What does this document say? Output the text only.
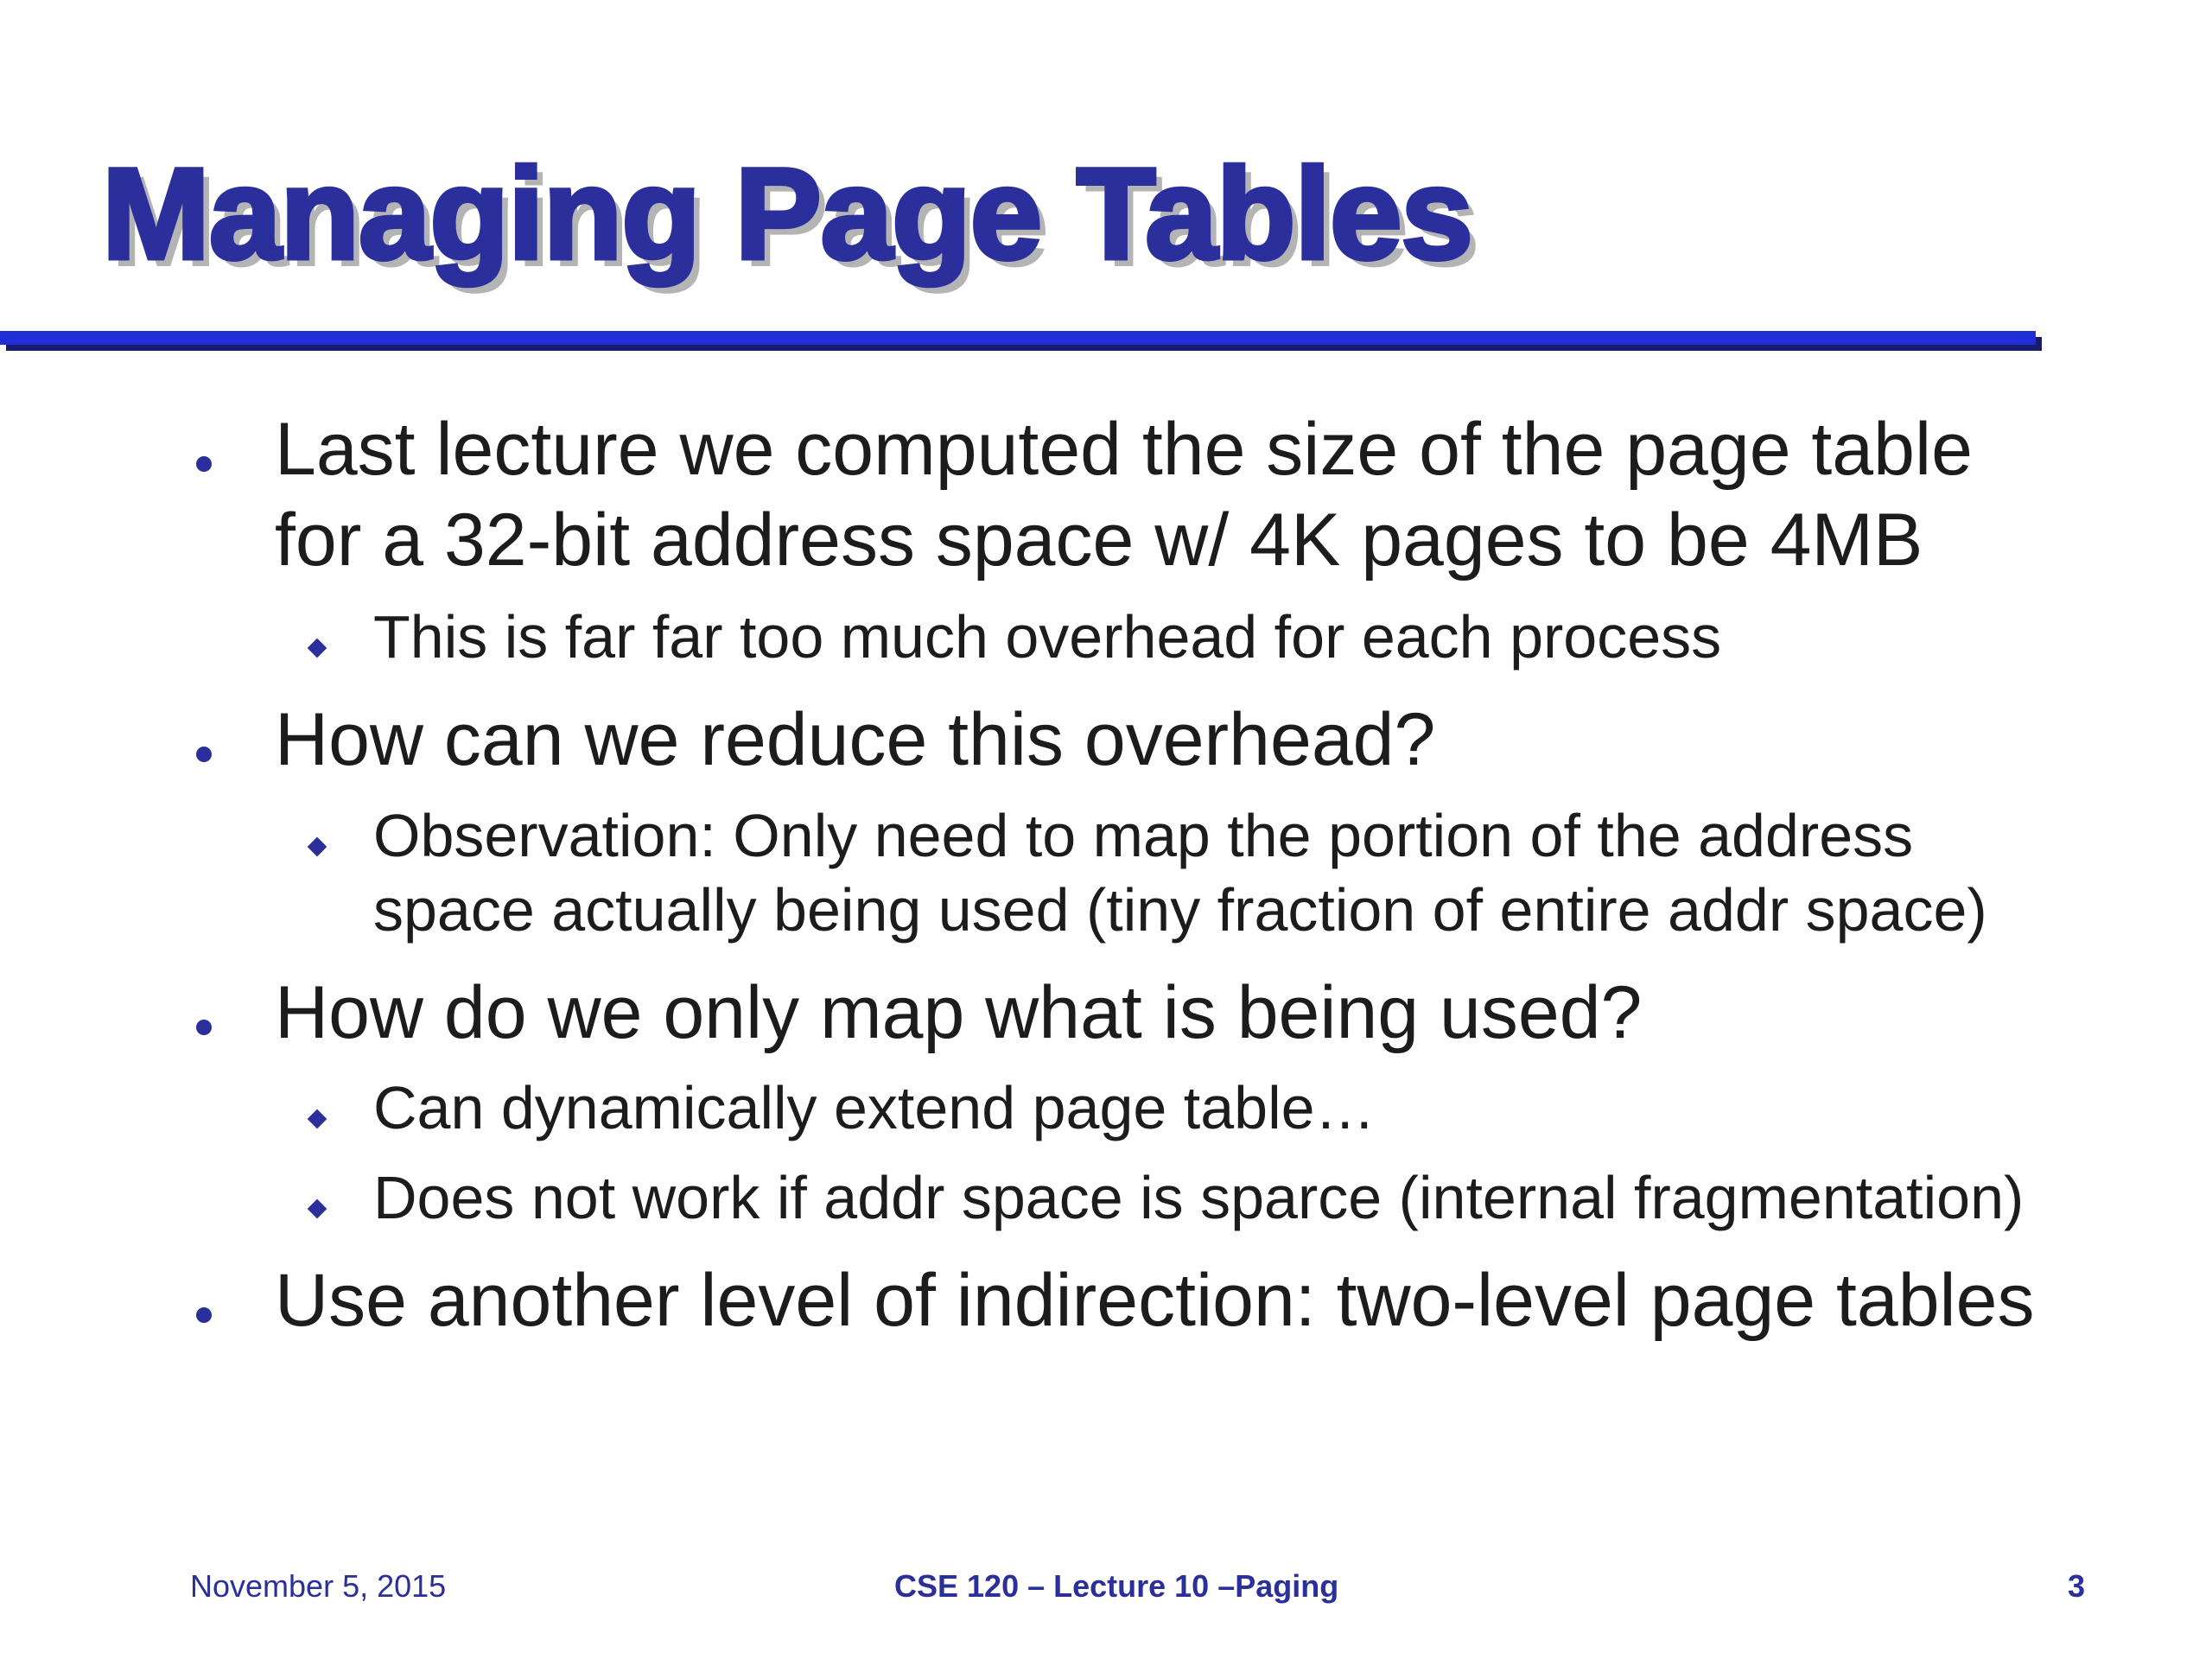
Managing Page Tables
Last lecture we computed the size of the page table
for a 32-bit address space w/ 4K pages to be 4MB
This is far far too much overhead for each process
How can we reduce this overhead?
Observation: Only need to map the portion of the address
space actually being used (tiny fraction of entire addr space)
How do we only map what is being used?
Can dynamically extend page table…
Does not work if addr space is sparce (internal fragmentation)
Use another level of indirection: two-level page tables
November 5, 2015	CSE 120 – Lecture 10 –Paging	3
